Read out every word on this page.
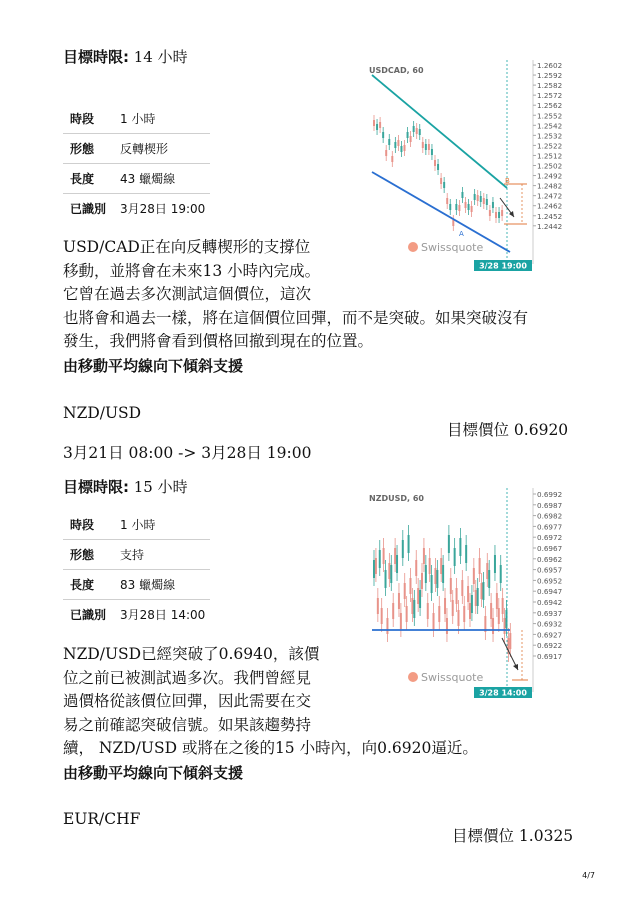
目標時限: 14 小時
時段	1 小時
形態	反轉楔形
長度	43 蠟燭線
已識別	3月28日 19:00
USDCAD, 60
1.2602
1.2592
1.2582
1.2572
1.2562
1.2552
1.2542
1.2532
1.2522
1.2512
1.2502
1.2492
1.2482
1.2472
1.2462
1.2452
1.2442
B
A
Swissquote
3/28 19:00
USD/CAD正在向反轉楔形的支撐位
移動，並將會在未來13 小時內完成。
它曾在過去多次測試這個價位，這次
也將會和過去一樣，將在這個價位回彈，而不是突破。如果突破沒有
發生，我們將會看到價格回撤到現在的位置。
由移動平均線向下傾斜支援
NZD/USD
目標價位 0.6920
3月21日 08:00 -> 3月28日 19:00
目標時限: 15 小時
時段	1 小時
形態	支持
長度	83 蠟燭線
已識別	3月28日 14:00
NZDUSD, 60	0.6992
0.6987
0.6982
0.6977
0.6972
0.6967
0.6962
0.6957
0.6952
0.6947
0.6942
0.6937
0.6932
0.6927
0.6922
0.6917
Swissquote
3/28 14:00
NZD/USD已經突破了0.6940，該價
位之前已被測試過多次。我們曾經見
過價格從該價位回彈，因此需要在交
易之前確認突破信號。如果該趨勢持
續， NZD/USD 或將在之後的15 小時內，向0.6920逼近。
由移動平均線向下傾斜支援
EUR/CHF
目標價位 1.0325
4/7
